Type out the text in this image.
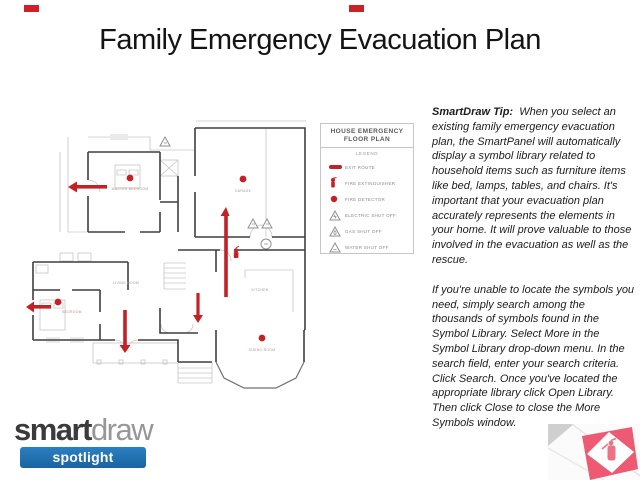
Family Emergency Evacuation Plan
MASTER BEDROOM	GARAGE
BEDROOM
LIVING ROOM
KITCHEN
DINING ROOM
HOUSE EMERGENCY
FLOOR PLAN
LEGEND
EXIT ROUTE
FIRE EXTINGUISHER
FIRE DETECTOR
ELECTRIC SHUT OFF
GAS SHUT OFF
WATER SHUT OFF

SmartDraw Tip: When you select an existing family emergency evacuation plan, the SmartPanel will automatically display a symbol library related to household items such as furniture items like bed, lamps, tables, and chairs. It's important that your evacuation plan accurately represents the elements in your home. It will prove valuable to those involved in the evacuation as well as the rescue.

If you're unable to locate the symbols you need, simply search among the thousands of symbols found in the Symbol Library. Select More in the Symbol Library drop-down menu. In the search field, enter your search criteria. Click Search. Once you've located the appropriate library click Open Library. Then click Close to close the More Symbols window.

smartdraw
spotlight
